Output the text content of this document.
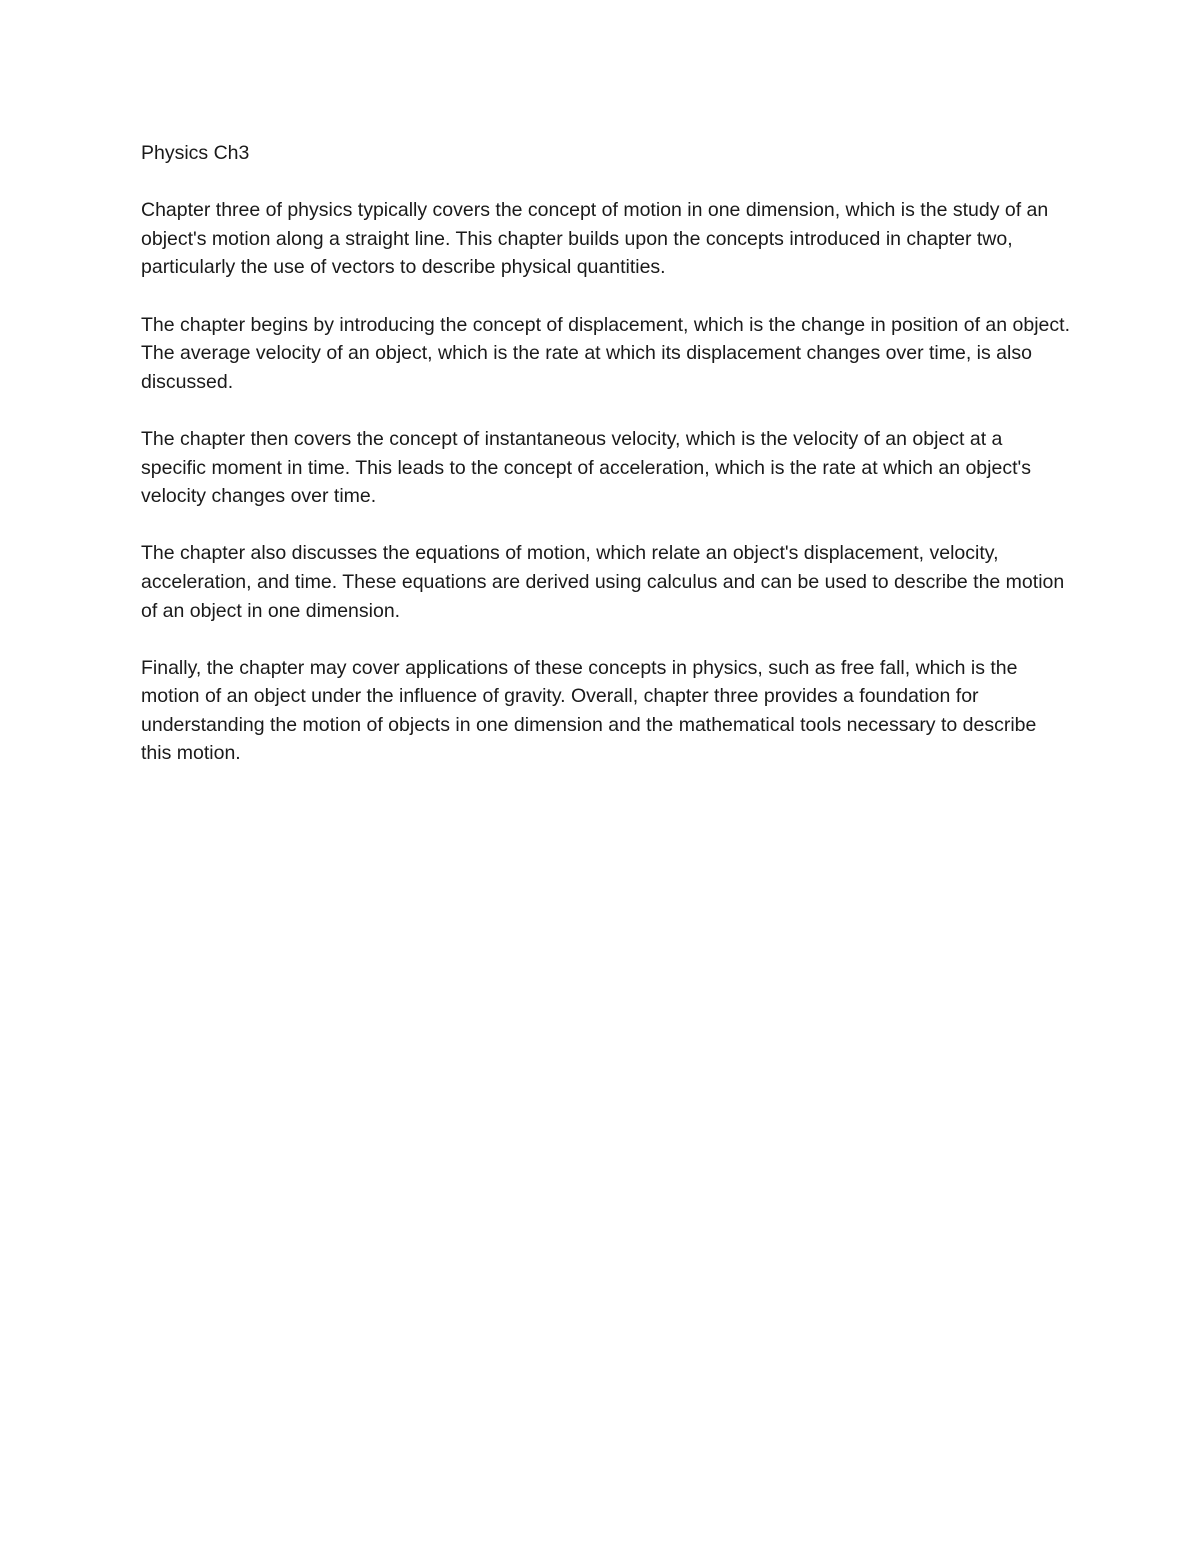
Physics Ch3

Chapter three of physics typically covers the concept of motion in one dimension, which is the study of an object's motion along a straight line. This chapter builds upon the concepts introduced in chapter two, particularly the use of vectors to describe physical quantities.

The chapter begins by introducing the concept of displacement, which is the change in position of an object. The average velocity of an object, which is the rate at which its displacement changes over time, is also discussed.

The chapter then covers the concept of instantaneous velocity, which is the velocity of an object at a specific moment in time. This leads to the concept of acceleration, which is the rate at which an object's velocity changes over time.

The chapter also discusses the equations of motion, which relate an object's displacement, velocity, acceleration, and time. These equations are derived using calculus and can be used to describe the motion of an object in one dimension.

Finally, the chapter may cover applications of these concepts in physics, such as free fall, which is the motion of an object under the influence of gravity. Overall, chapter three provides a foundation for understanding the motion of objects in one dimension and the mathematical tools necessary to describe this motion.
